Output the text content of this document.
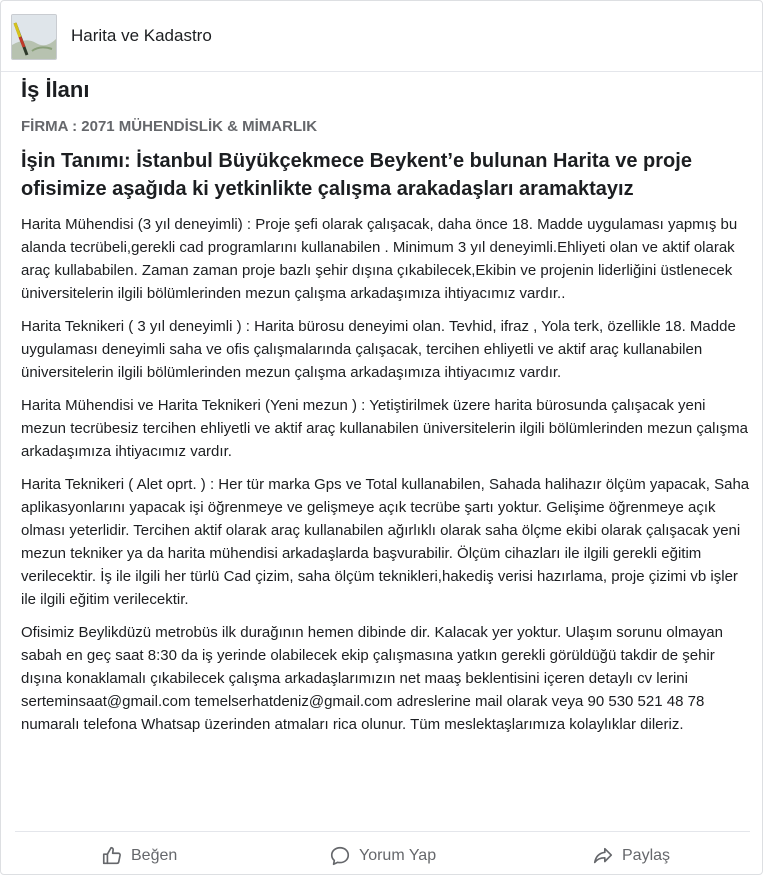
Harita ve Kadastro
İş İlanı
FİRMA : 2071 MÜHENDİSLİK & MİMARLIK
İşin Tanımı: İstanbul Büyükçekmece Beykent’e bulunan Harita ve proje ofisimize aşağıda ki yetkinlikte çalışma arakadaşları aramaktayız
Harita Mühendisi (3 yıl deneyimli) : Proje şefi olarak çalışacak, daha önce 18. Madde uygulaması yapmış bu alanda tecrübeli,gerekli cad programlarını kullanabilen . Minimum 3 yıl deneyimli.Ehliyeti olan ve aktif olarak araç kullababilen. Zaman zaman proje bazlı şehir dışına çıkabilecek,Ekibin ve projenin liderliğini üstlenecek üniversitelerin ilgili bölümlerinden mezun çalışma arkadaşımıza ihtiyacımız vardır..
Harita Teknikeri ( 3 yıl deneyimli ) : Harita bürosu deneyimi olan. Tevhid, ifraz , Yola terk, özellikle 18. Madde uygulaması deneyimli saha ve ofis çalışmalarında çalışacak, tercihen ehliyetli ve aktif araç kullanabilen üniversitelerin ilgili bölümlerinden mezun çalışma arkadaşımıza ihtiyacımız vardır.
Harita Mühendisi ve Harita Teknikeri (Yeni mezun ) : Yetiştirilmek üzere harita bürosunda çalışacak yeni mezun tecrübesiz tercihen ehliyetli ve aktif araç kullanabilen üniversitelerin ilgili bölümlerinden mezun çalışma arkadaşımıza ihtiyacımız vardır.
Harita Teknikeri ( Alet oprt. ) : Her tür marka Gps ve Total kullanabilen, Sahada halihazır ölçüm yapacak, Saha aplikasyonlarını yapacak işi öğrenmeye ve gelişmeye açık tecrübe şartı yoktur. Gelişime öğrenmeye açık olması yeterlidir. Tercihen aktif olarak araç kullanabilen ağırlıklı olarak saha ölçme ekibi olarak çalışacak yeni mezun tekniker ya da harita mühendisi arkadaşlarda başvurabilir. Ölçüm cihazları ile ilgili gerekli eğitim verilecektir. İş ile ilgili her türlü Cad çizim, saha ölçüm teknikleri,hakediş verisi hazırlama, proje çizimi vb işler ile ilgili eğitim verilecektir.
Ofisimiz Beylikdüzü metrobüs ilk durağının hemen dibinde dir. Kalacak yer yoktur. Ulaşım sorunu olmayan sabah en geç saat 8:30 da iş yerinde olabilecek ekip çalışmasına yatkın gerekli görüldüğü takdir de şehir dışına konaklamalı çıkabilecek çalışma arkadaşlarımızın net maaş beklentisini içeren detaylı cv lerini serteminsaat@gmail.com temelserhatdeniz@gmail.com adreslerine mail olarak veya 90 530 521 48 78 numaralı telefona Whatsap üzerinden atmaları rica olunur. Tüm meslektaşlarımıza kolaylıklar dileriz.
Beğen	Yorum Yap	Paylaş
